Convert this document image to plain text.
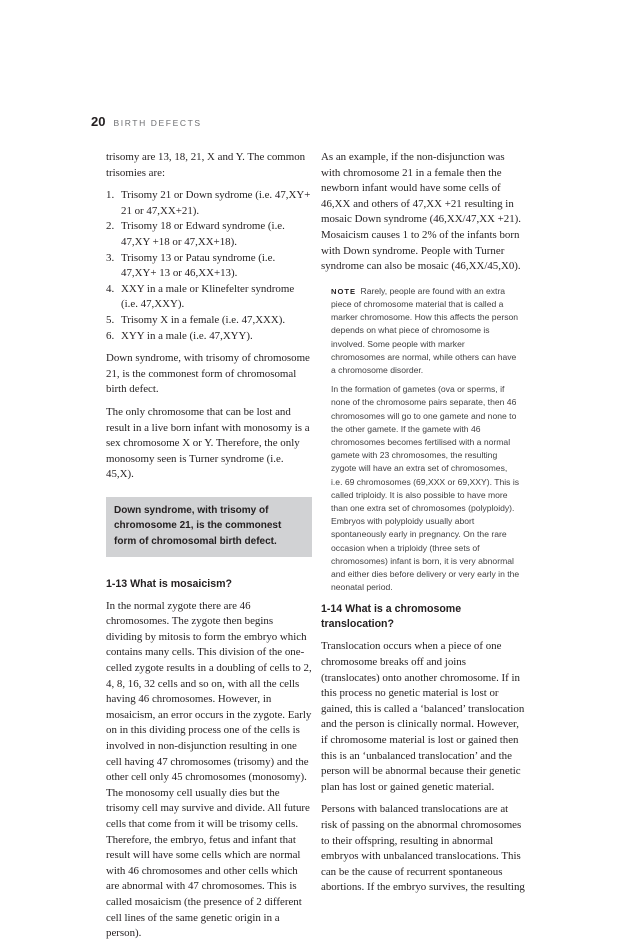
20 BIRTH DEFECTS

trisomy are 13, 18, 21, X and Y. The common trisomies are:

1. Trisomy 21 or Down sydrome (i.e. 47,XY+ 21 or 47,XX+21).
2. Trisomy 18 or Edward syndrome (i.e. 47,XY +18 or 47,XX+18).
3. Trisomy 13 or Patau syndrome (i.e. 47,XY+ 13 or 46,XX+13).
4. XXY in a male or Klinefelter syndrome (i.e. 47,XXY).
5. Trisomy X in a female (i.e. 47,XXX).
6. XYY in a male (i.e. 47,XYY).

Down syndrome, with trisomy of chromosome 21, is the commonest form of chromosomal birth defect.

The only chromosome that can be lost and result in a live born infant with monosomy is a sex chromosome X or Y. Therefore, the only monosomy seen is Turner syndrome (i.e. 45,X).

Down syndrome, with trisomy of chromosome 21, is the commonest form of chromosomal birth defect.
1-13 What is mosaicism?

In the normal zygote there are 46 chromosomes. The zygote then begins dividing by mitosis to form the embryo which contains many cells. This division of the one-celled zygote results in a doubling of cells to 2, 4, 8, 16, 32 cells and so on, with all the cells having 46 chromosomes. However, in mosaicism, an error occurs in the zygote. Early on in this dividing process one of the cells is involved in non-disjunction resulting in one cell having 47 chromosomes (trisomy) and the other cell only 45 chromosomes (monosomy). The monosomy cell usually dies but the trisomy cell may survive and divide. All future cells that come from it will be trisomy cells. Therefore, the embryo, fetus and infant that result will have some cells which are normal with 46 chromosomes and other cells which are abnormal with 47 chromosomes. This is called mosaicism (the presence of 2 different cell lines of the same genetic origin in a person).

As an example, if the non-disjunction was with chromosome 21 in a female then the newborn infant would have some cells of 46,XX and others of 47,XX +21 resulting in mosaic Down syndrome (46,XX/47,XX +21). Mosaicism causes 1 to 2% of the infants born with Down syndrome. People with Turner syndrome can also be mosaic (46,XX/45,X0).

NOTE Rarely, people are found with an extra piece of chromosome material that is called a marker chromosome. How this affects the person depends on what piece of chromosome is involved. Some people with marker chromosomes are normal, while others can have a chromosome disorder.

In the formation of gametes (ova or sperms, if none of the chromosome pairs separate, then 46 chromosomes will go to one gamete and none to the other gamete. If the gamete with 46 chromosomes becomes fertilised with a normal gamete with 23 chromosomes, the resulting zygote will have an extra set of chromosomes, i.e. 69 chromosomes (69,XXX or 69,XXY). This is called triploidy. It is also possible to have more than one extra set of chromosomes (polyploidy). Embryos with polyploidy usually abort spontaneously early in pregnancy. On the rare occasion when a triploidy (three sets of chromosomes) infant is born, it is very abnormal and either dies before delivery or very early in the neonatal period.

1-14 What is a chromosome translocation?

Translocation occurs when a piece of one chromosome breaks off and joins (translocates) onto another chromosome. If in this process no genetic material is lost or gained, this is called a ‘balanced’ translocation and the person is clinically normal. However, if chromosome material is lost or gained then this is an ‘unbalanced translocation’ and the person will be abnormal because their genetic plan has lost or gained genetic material.

Persons with balanced translocations are at risk of passing on the abnormal chromosomes to their offspring, resulting in abnormal embryos with unbalanced translocations. This can be the cause of recurrent spontaneous abortions. If the embryo survives, the resulting
